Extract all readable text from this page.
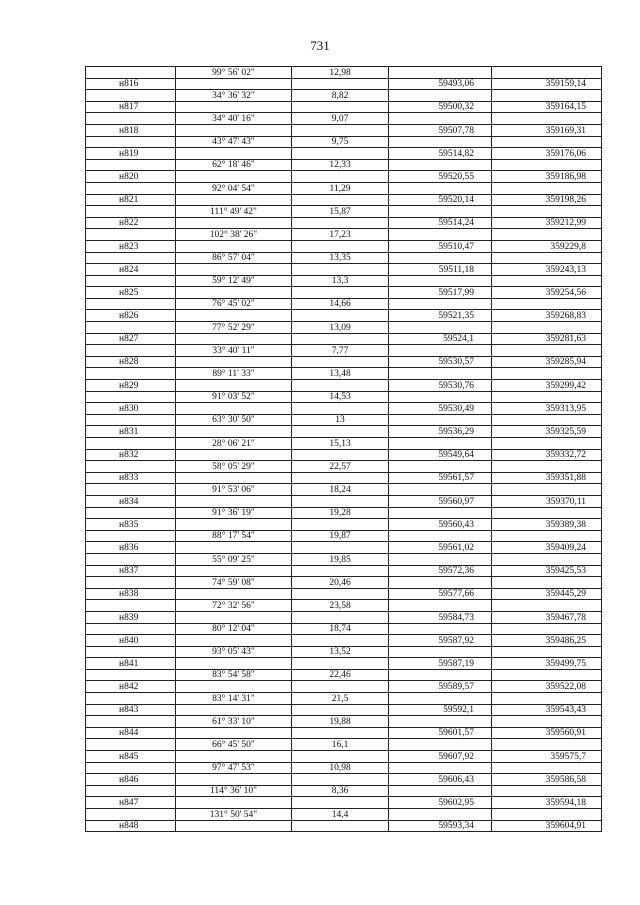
731
	99° 56' 02"	12,98		
н816			59493,06	359159,14
	34° 36' 32"	8,82		
н817			59500,32	359164,15
	34° 40' 16"	9,07		
н818			59507,78	359169,31
	43° 47' 43"	9,75		
н819			59514,82	359176,06
	62° 18' 46"	12,33		
н820			59520,55	359186,98
	92° 04' 54"	11,29		
н821			59520,14	359198,26
	111° 49' 42"	15,87		
н822			59514,24	359212,99
	102° 38' 26"	17,23		
н823			59510,47	359229,8
	86° 57' 04"	13,35		
н824			59511,18	359243,13
	59° 12' 49"	13,3		
н825			59517,99	359254,56
	76° 45' 02"	14,66		
н826			59521,35	359268,83
	77° 52' 29"	13,09		
н827			59524,1	359281,63
	33° 40' 11"	7,77		
н828			59530,57	359285,94
	89° 11' 33"	13,48		
н829			59530,76	359299,42
	91° 03' 52"	14,53		
н830			59530,49	359313,95
	63° 30' 50"	13		
н831			59536,29	359325,59
	28° 06' 21"	15,13		
н832			59549,64	359332,72
	58° 05' 29"	22,57		
н833			59561,57	359351,88
	91° 53' 06"	18,24		
н834			59560,97	359370,11
	91° 36' 19"	19,28		
н835			59560,43	359389,38
	88° 17' 54"	19,87		
н836			59561,02	359409,24
	55° 09' 25"	19,85		
н837			59572,36	359425,53
	74° 59' 08"	20,46		
н838			59577,66	359445,29
	72° 32' 56"	23,58		
н839			59584,73	359467,78
	80° 12' 04"	18,74		
н840			59587,92	359486,25
	93° 05' 43"	13,52		
н841			59587,19	359499,75
	83° 54' 58"	22,46		
н842			59589,57	359522,08
	83° 14' 31"	21,5		
н843			59592,1	359543,43
	61° 33' 10"	19,88		
н844			59601,57	359560,91
	66° 45' 50"	16,1		
н845			59607,92	359575,7
	97° 47' 53"	10,98		
н846			59606,43	359586,58
	114° 36' 10"	8,36		
н847			59602,95	359594,18
	131° 50' 54"	14,4		
н848			59593,34	359604,91
